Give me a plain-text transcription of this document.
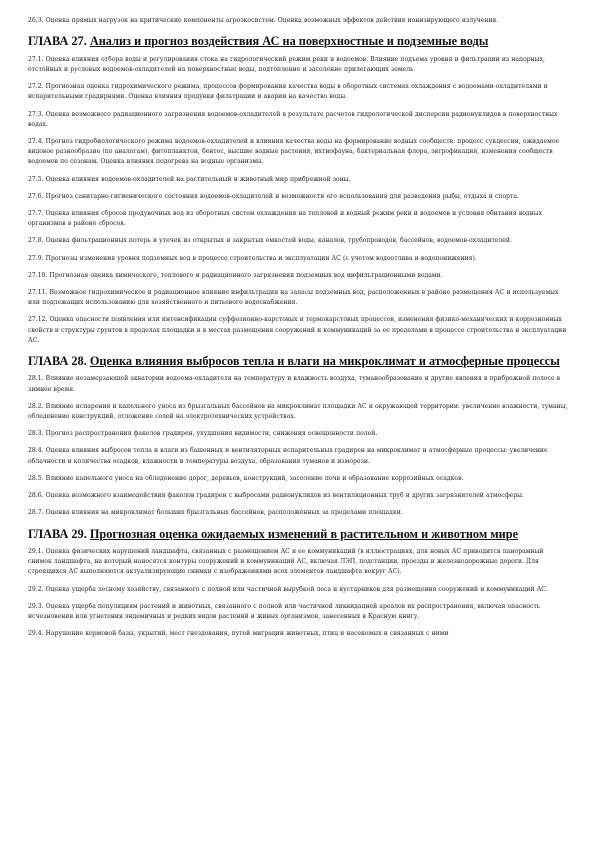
26.3. Оценка прямых нагрузок на критические компоненты агроэкосистем. Оценка возможных эффектов действия ионизирующего излучения.

ГЛАВА 27. Анализ и прогноз воздействия АС на поверхностные и подземные воды

27.1. Оценка влияния отбора воды и регулирования стока на гидрологический режим реки и водоемов. Влияние подъема уровня и фильтрации из напорных, отстойных и русловых водоемов-охладителей на поверхностные воды, подтопление и засоление прилегающих земель.

27.2. Прогнозная оценка гидрохимического режима, процессов формирования качества воды в оборотных системах охлаждения с водоемами-охладителями и испарительными градирнями. Оценка влияния продувки фильтрации и аварии на качество воды.

27.3. Оценка возможного радиационного загрязнения водоемов-охладителей в результате расчетов гидрологической дисперсии радионуклидов в поверхностных водах.

27.4. Прогноз гидробиологического режима водоемов-охладителей и влияния качества воды на формирование водных сообществ: процесс сукцессии, ожидаемое видовое разнообразие (по аналогам), фитопланктон, бентос, высшие водные растения, ихтиофауна, бактериальная флора, эвтрофикация, изменения сообществ водоемов по сезонам. Оценка влияния подогрева на водные организмы.

27.5. Оценка влияния водоемов-охладителей на растительный и животный мир прибрежной зоны.

27.6. Прогноз санитарно-гигиенического состояния водоемов-охладителей и возможности его использования для разведения рыбы, отдыха и спорта.

27.7. Оценка влияния сбросов продувочных вод из оборотных систем охлаждения на тепловой и водный режим реки и водоемов и условия обитания водных организмов в районе сбросов.

27.8. Оценка фильтрационных потерь и утечек из открытых и закрытых емкостей воды, каналов, трубопроводов, бассейнов, водоемов-охладителей.

27.9. Прогнозы изменения уровня подземных вод в процессе строительства и эксплуатации АС (с учетом водоотлива и водопонижения).

27.10. Прогнозная оценка химического, теплового и радиационного загрязнения подземных вод инфильтрационными водами.

27.11. Возможное гидрохимическое и радиационное влияние инфильтрации на запасы подземных вод, расположенных в районе размещения АС и используемых или подлежащих использованию для хозяйственного и питьевого водоснабжения.

27.12. Оценка опасности появления или интенсификации суффозионно-карстовых и термокарстовых процессов, изменения физико-механических и коррозионных свойств и структуры грунтов в пределах площадки и в местах размещения сооружений и коммуникаций за ее пределами в процессе строительства и эксплуатации АС.

ГЛАВА 28. Оценка влияния выбросов тепла и влаги на микроклимат и атмосферные процессы

28.1. Влияние незамерзающей акватории водоема-охладителя на температуру и влажность воздуха, туманообразование и другие явления в прибрежной полосе в зимнее время.

28.2. Влияние испарения и капельного уноса из брызгальных бассейнов на микроклимат площадки АС и окружающей территории: увеличение влажности, туманы, обледенение конструкций, отложение солей на электротехнических устройствах.

28.3. Прогноз распространения факелов градирен, ухудшения видимости, снижения освещенности полей.

28.4. Оценка влияния выбросов тепла и влаги из башенных и вентиляторных испарительных градирен на микроклимат и атмосферные процессы: увеличение облачности и количества осадков, влажности и температуры воздуха, образования туманов и изморози.

28.5. Влияние капельного уноса на обледенение дорог, деревьев, конструкций, засоление почв и образование коррозийных осадков.

28.6. Оценка возможного взаимодействия факелов градирен с выбросами радионуклидов из вентиляционных труб и других загрязнителей атмосферы.

28.7. Оценка влияния на микроклимат больших брызгальных бассейнов, расположенных за пределами площадки.

ГЛАВА 29. Прогнозная оценка ожидаемых изменений в растительном и животном мире

29.1. Оценка физических нарушений ландшафта, связанных с размещением АС и ее коммуникаций (в иллюстрациях, для новых АС приводится панорамный снимок ландшафта, на который наносятся контуры сооружений и коммуникаций АС, включая ЛЭП, подстанции, проезды и железнодорожные дороги. Для строящихся АС выполняются актуализирующие снимки с изображениями всех элементов ландшафта вокруг АС).

29.2. Оценка ущерба лесному хозяйству, связанного с полной или частичной вырубкой леса и кустарников для размещения сооружений и коммуникаций АС.

29.3. Оценка ущерба популяциям растений и животных, связанного с полной или частичной ликвидацией ареалов их распространения, включая опасность исчезновения или угнетения эндемичных и редких видов растений и живых организмов, занесенных в Красную книгу.

29.4. Нарушение кормовой базы, укрытий, мест гнездования, путей миграции животных, птиц и насекомых и связанных с ними
